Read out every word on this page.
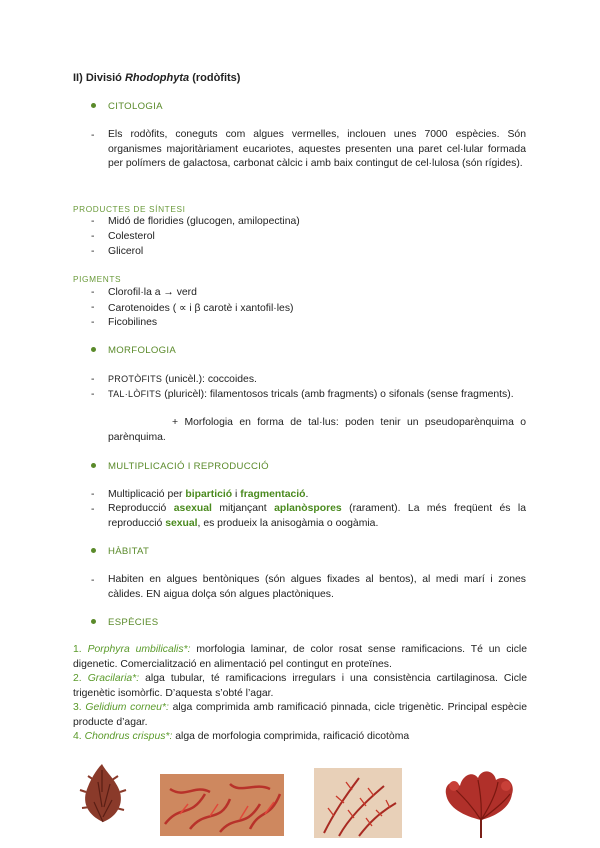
II) Divisió Rhodophyta (rodòfits)
CITOLOGIA
- Els rodòfits, coneguts com algues vermelles, inclouen unes 7000 espècies. Són organismes majoritàriament eucariotes, aquestes presenten una paret cel·lular formada per polímers de galactosa, carbonat càlcic i amb baix contingut de cel·lulosa (són rígides).
PRODUCTES DE SÍNTESI
- Midó de floridies (glucogen, amilopectina)
- Colesterol
- Glicerol
PIGMENTS
- Clorofil·la a → verd
- Carotenoides ( ∝ i β carotè i xantofil·les)
- Ficobilines
MORFOLOGIA
- PROTÒFITS (unicèl.): coccoides.
- TAL·LÒFITS (pluricèl): filamentosos tricals (amb fragments) o sifonals (sense fragments).
+ Morfologia en forma de tal·lus: poden tenir un pseudoparènquima o parènquima.
MULTIPLICACIÓ I REPRODUCCIÓ
- Multiplicació per bipartició i fragmentació.
- Reproducció asexual mitjançant aplanòspores (rarament). La més freqüent és la reproducció sexual, es produeix la anisogàmia o oogàmia.
HÀBITAT
- Habiten en algues bentòniques (són algues fixades al bentos), al medi marí i zones càlides. EN aigua dolça són algues plactòniques.
ESPÈCIES
1. Porphyra umbilicalis*: morfologia laminar, de color rosat sense ramificacions. Té un cicle digenetic. Comercialització en alimentació pel contingut en proteïnes.
2. Gracilaria*: alga tubular, té ramificacions irregulars i una consistència cartilaginosa. Cicle trigenètic isomòrfic. D’aquesta s’obté l’agar.
3. Gelidium corneu*: alga comprimida amb ramificació pinnada, cicle trigenètic. Principal espècie producte d’agar.
4. Chondrus crispus*: alga de morfologia comprimida, raificació dicotòma
